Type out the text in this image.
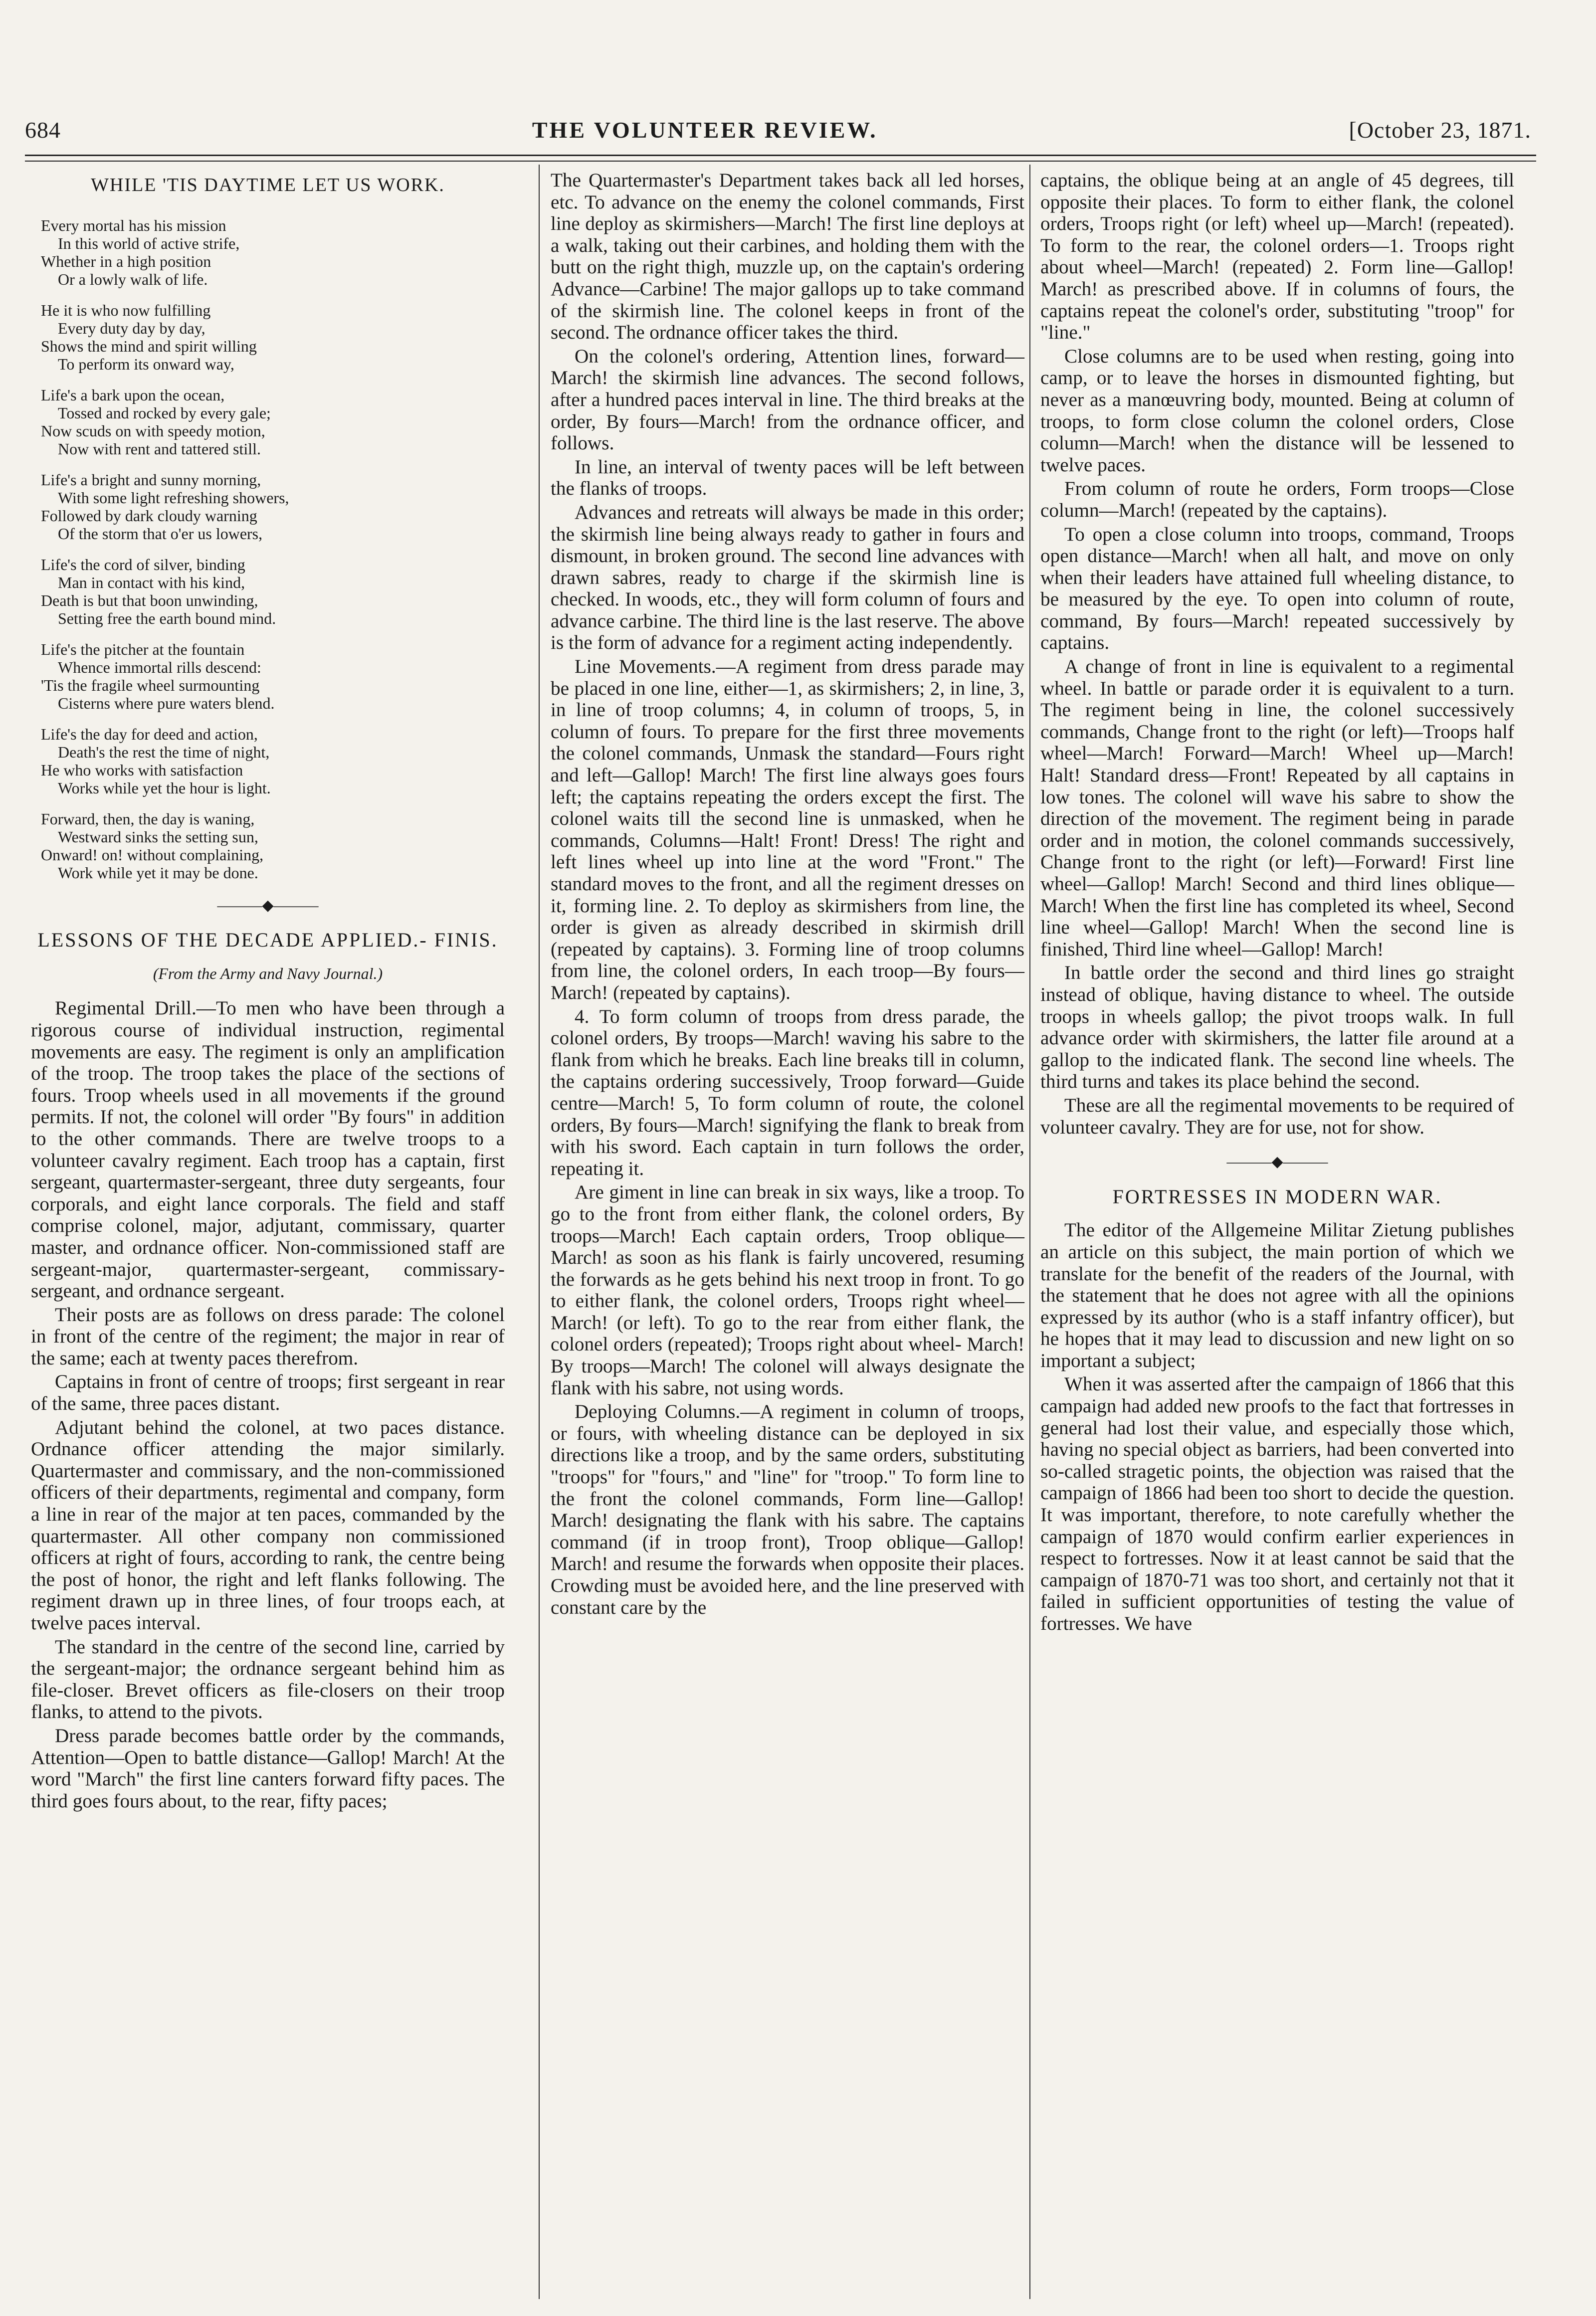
684	THE VOLUNTEER REVIEW.	[October 23, 1871.
WHILE 'TIS DAYTIME LET US WORK.
Every mortal has his mission
In this world of active strife,
Whether in a high position
Or a lowly walk of life.
He it is who now fulfilling
Every duty day by day,
Shows the mind and spirit willing
To perform its onward way,
Life's a bark upon the ocean,
Tossed and rocked by every gale;
Now scuds on with speedy motion,
Now with rent and tattered still.
Life's a bright and sunny morning,
With some light refreshing showers,
Followed by dark cloudy warning
Of the storm that o'er us lowers,
Life's the cord of silver, binding
Man in contact with his kind,
Death is but that boon unwinding,
Setting free the earth bound mind.
Life's the pitcher at the fountain
Whence immortal rills descend:
'Tis the fragile wheel surmounting
Cisterns where pure waters blend.
Life's the day for deed and action,
Death's the rest the time of night,
He who works with satisfaction
Works while yet the hour is light.
Forward, then, the day is waning,
Westward sinks the setting sun,
Onward! on! without complaining,
Work while yet it may be done.
———◆———
LESSONS OF THE DECADE APPLIED.- FINIS.
(From the Army and Navy Journal.)

Regimental Drill.—To men who have been through a rigorous course of individual instruction, regimental movements are easy. The regiment is only an amplification of the troop. The troop takes the place of the sections of fours. Troop wheels used in all movements if the ground permits. If not, the colonel will order "By fours" in addition to the other commands. There are twelve troops to a volunteer cavalry regiment. Each troop has a captain, first sergeant, quartermaster-sergeant, three duty sergeants, four corporals, and eight lance corporals. The field and staff comprise colonel, major, adjutant, commissary, quarter master, and ordnance officer. Non-commissioned staff are sergeant-major, quartermaster-sergeant, commissary-sergeant, and ordnance sergeant.

Their posts are as follows on dress parade: The colonel in front of the centre of the regiment; the major in rear of the same; each at twenty paces therefrom.

Captains in front of centre of troops; first sergeant in rear of the same, three paces distant.

Adjutant behind the colonel, at two paces distance. Ordnance officer attending the major similarly. Quartermaster and commissary, and the non-commissioned officers of their departments, regimental and company, form a line in rear of the major at ten paces, commanded by the quartermaster. All other company non commissioned officers at right of fours, according to rank, the centre being the post of honor, the right and left flanks following. The regiment drawn up in three lines, of four troops each, at twelve paces interval.

The standard in the centre of the second line, carried by the sergeant-major; the ordnance sergeant behind him as file-closer. Brevet officers as file-closers on their troop flanks, to attend to the pivots.

Dress parade becomes battle order by the commands, Attention—Open to battle distance—Gallop! March! At the word "March" the first line canters forward fifty paces. The third goes fours about, to the rear, fifty paces;

The Quartermaster's Department takes back all led horses, etc. To advance on the enemy the colonel commands, First line deploy as skirmishers—March! The first line deploys at a walk, taking out their carbines, and holding them with the butt on the right thigh, muzzle up, on the captain's ordering Advance—Carbine! The major gallops up to take command of the skirmish line. The colonel keeps in front of the second. The ordnance officer takes the third.

On the colonel's ordering, Attention lines, forward—March! the skirmish line advances. The second follows, after a hundred paces interval in line. The third breaks at the order, By fours—March! from the ordnance officer, and follows.

In line, an interval of twenty paces will be left between the flanks of troops.

Advances and retreats will always be made in this order; the skirmish line being always ready to gather in fours and dismount, in broken ground. The second line advances with drawn sabres, ready to charge if the skirmish line is checked. In woods, etc., they will form column of fours and advance carbine. The third line is the last reserve. The above is the form of advance for a regiment acting independently.

Line Movements.—A regiment from dress parade may be placed in one line, either—1, as skirmishers; 2, in line, 3, in line of troop columns; 4, in column of troops, 5, in column of fours. To prepare for the first three movements the colonel commands, Unmask the standard—Fours right and left—Gallop! March! The first line always goes fours left; the captains repeating the orders except the first. The colonel waits till the second line is unmasked, when he commands, Columns—Halt! Front! Dress! The right and left lines wheel up into line at the word "Front." The standard moves to the front, and all the regiment dresses on it, forming line. 2. To deploy as skirmishers from line, the order is given as already described in skirmish drill (repeated by captains). 3. Forming line of troop columns from line, the colonel orders, In each troop—By fours—March! (repeated by captains).

4. To form column of troops from dress parade, the colonel orders, By troops—March! waving his sabre to the flank from which he breaks. Each line breaks till in column, the captains ordering successively, Troop forward—Guide centre—March! 5, To form column of route, the colonel orders, By fours—March! signifying the flank to break from with his sword. Each captain in turn follows the order, repeating it.

Are giment in line can break in six ways, like a troop. To go to the front from either flank, the colonel orders, By troops—March! Each captain orders, Troop oblique—March! as soon as his flank is fairly uncovered, resuming the forwards as he gets behind his next troop in front. To go to either flank, the colonel orders, Troops right wheel—March! (or left). To go to the rear from either flank, the colonel orders (repeated); Troops right about wheel- March! By troops—March! The colonel will always designate the flank with his sabre, not using words.

Deploying Columns.—A regiment in column of troops, or fours, with wheeling distance can be deployed in six directions like a troop, and by the same orders, substituting "troops" for "fours," and "line" for "troop." To form line to the front the colonel commands, Form line—Gallop! March! designating the flank with his sabre. The captains command (if in troop front), Troop oblique—Gallop! March! and resume the forwards when opposite their places. Crowding must be avoided here, and the line preserved with constant care by the

captains, the oblique being at an angle of 45 degrees, till opposite their places. To form to either flank, the colonel orders, Troops right (or left) wheel up—March! (repeated). To form to the rear, the colonel orders—1. Troops right about wheel—March! (repeated) 2. Form line—Gallop! March! as prescribed above. If in columns of fours, the captains repeat the colonel's order, substituting "troop" for "line."

Close columns are to be used when resting, going into camp, or to leave the horses in dismounted fighting, but never as a manœuvring body, mounted. Being at column of troops, to form close column the colonel orders, Close column—March! when the distance will be lessened to twelve paces.

From column of route he orders, Form troops—Close column—March! (repeated by the captains).

To open a close column into troops, command, Troops open distance—March! when all halt, and move on only when their leaders have attained full wheeling distance, to be measured by the eye. To open into column of route, command, By fours—March! repeated successively by captains.

A change of front in line is equivalent to a regimental wheel. In battle or parade order it is equivalent to a turn. The regiment being in line, the colonel successively commands, Change front to the right (or left)—Troops half wheel—March! Forward—March! Wheel up—March! Halt! Standard dress—Front! Repeated by all captains in low tones. The colonel will wave his sabre to show the direction of the movement. The regiment being in parade order and in motion, the colonel commands successively, Change front to the right (or left)—Forward! First line wheel—Gallop! March! Second and third lines oblique—March! When the first line has completed its wheel, Second line wheel—Gallop! March! When the second line is finished, Third line wheel—Gallop! March!

In battle order the second and third lines go straight instead of oblique, having distance to wheel. The outside troops in wheels gallop; the pivot troops walk. In full advance order with skirmishers, the latter file around at a gallop to the indicated flank. The second line wheels. The third turns and takes its place behind the second.

These are all the regimental movements to be required of volunteer cavalry. They are for use, not for show.

———◆———
FORTRESSES IN MODERN WAR.

The editor of the Allgemeine Militar Zietung publishes an article on this subject, the main portion of which we translate for the benefit of the readers of the Journal, with the statement that he does not agree with all the opinions expressed by its author (who is a staff infantry officer), but he hopes that it may lead to discussion and new light on so important a subject;

When it was asserted after the campaign of 1866 that this campaign had added new proofs to the fact that fortresses in general had lost their value, and especially those which, having no special object as barriers, had been converted into so-called stragetic points, the objection was raised that the campaign of 1866 had been too short to decide the question. It was important, therefore, to note carefully whether the campaign of 1870 would confirm earlier experiences in respect to fortresses. Now it at least cannot be said that the campaign of 1870-71 was too short, and certainly not that it failed in sufficient opportunities of testing the value of fortresses. We have
